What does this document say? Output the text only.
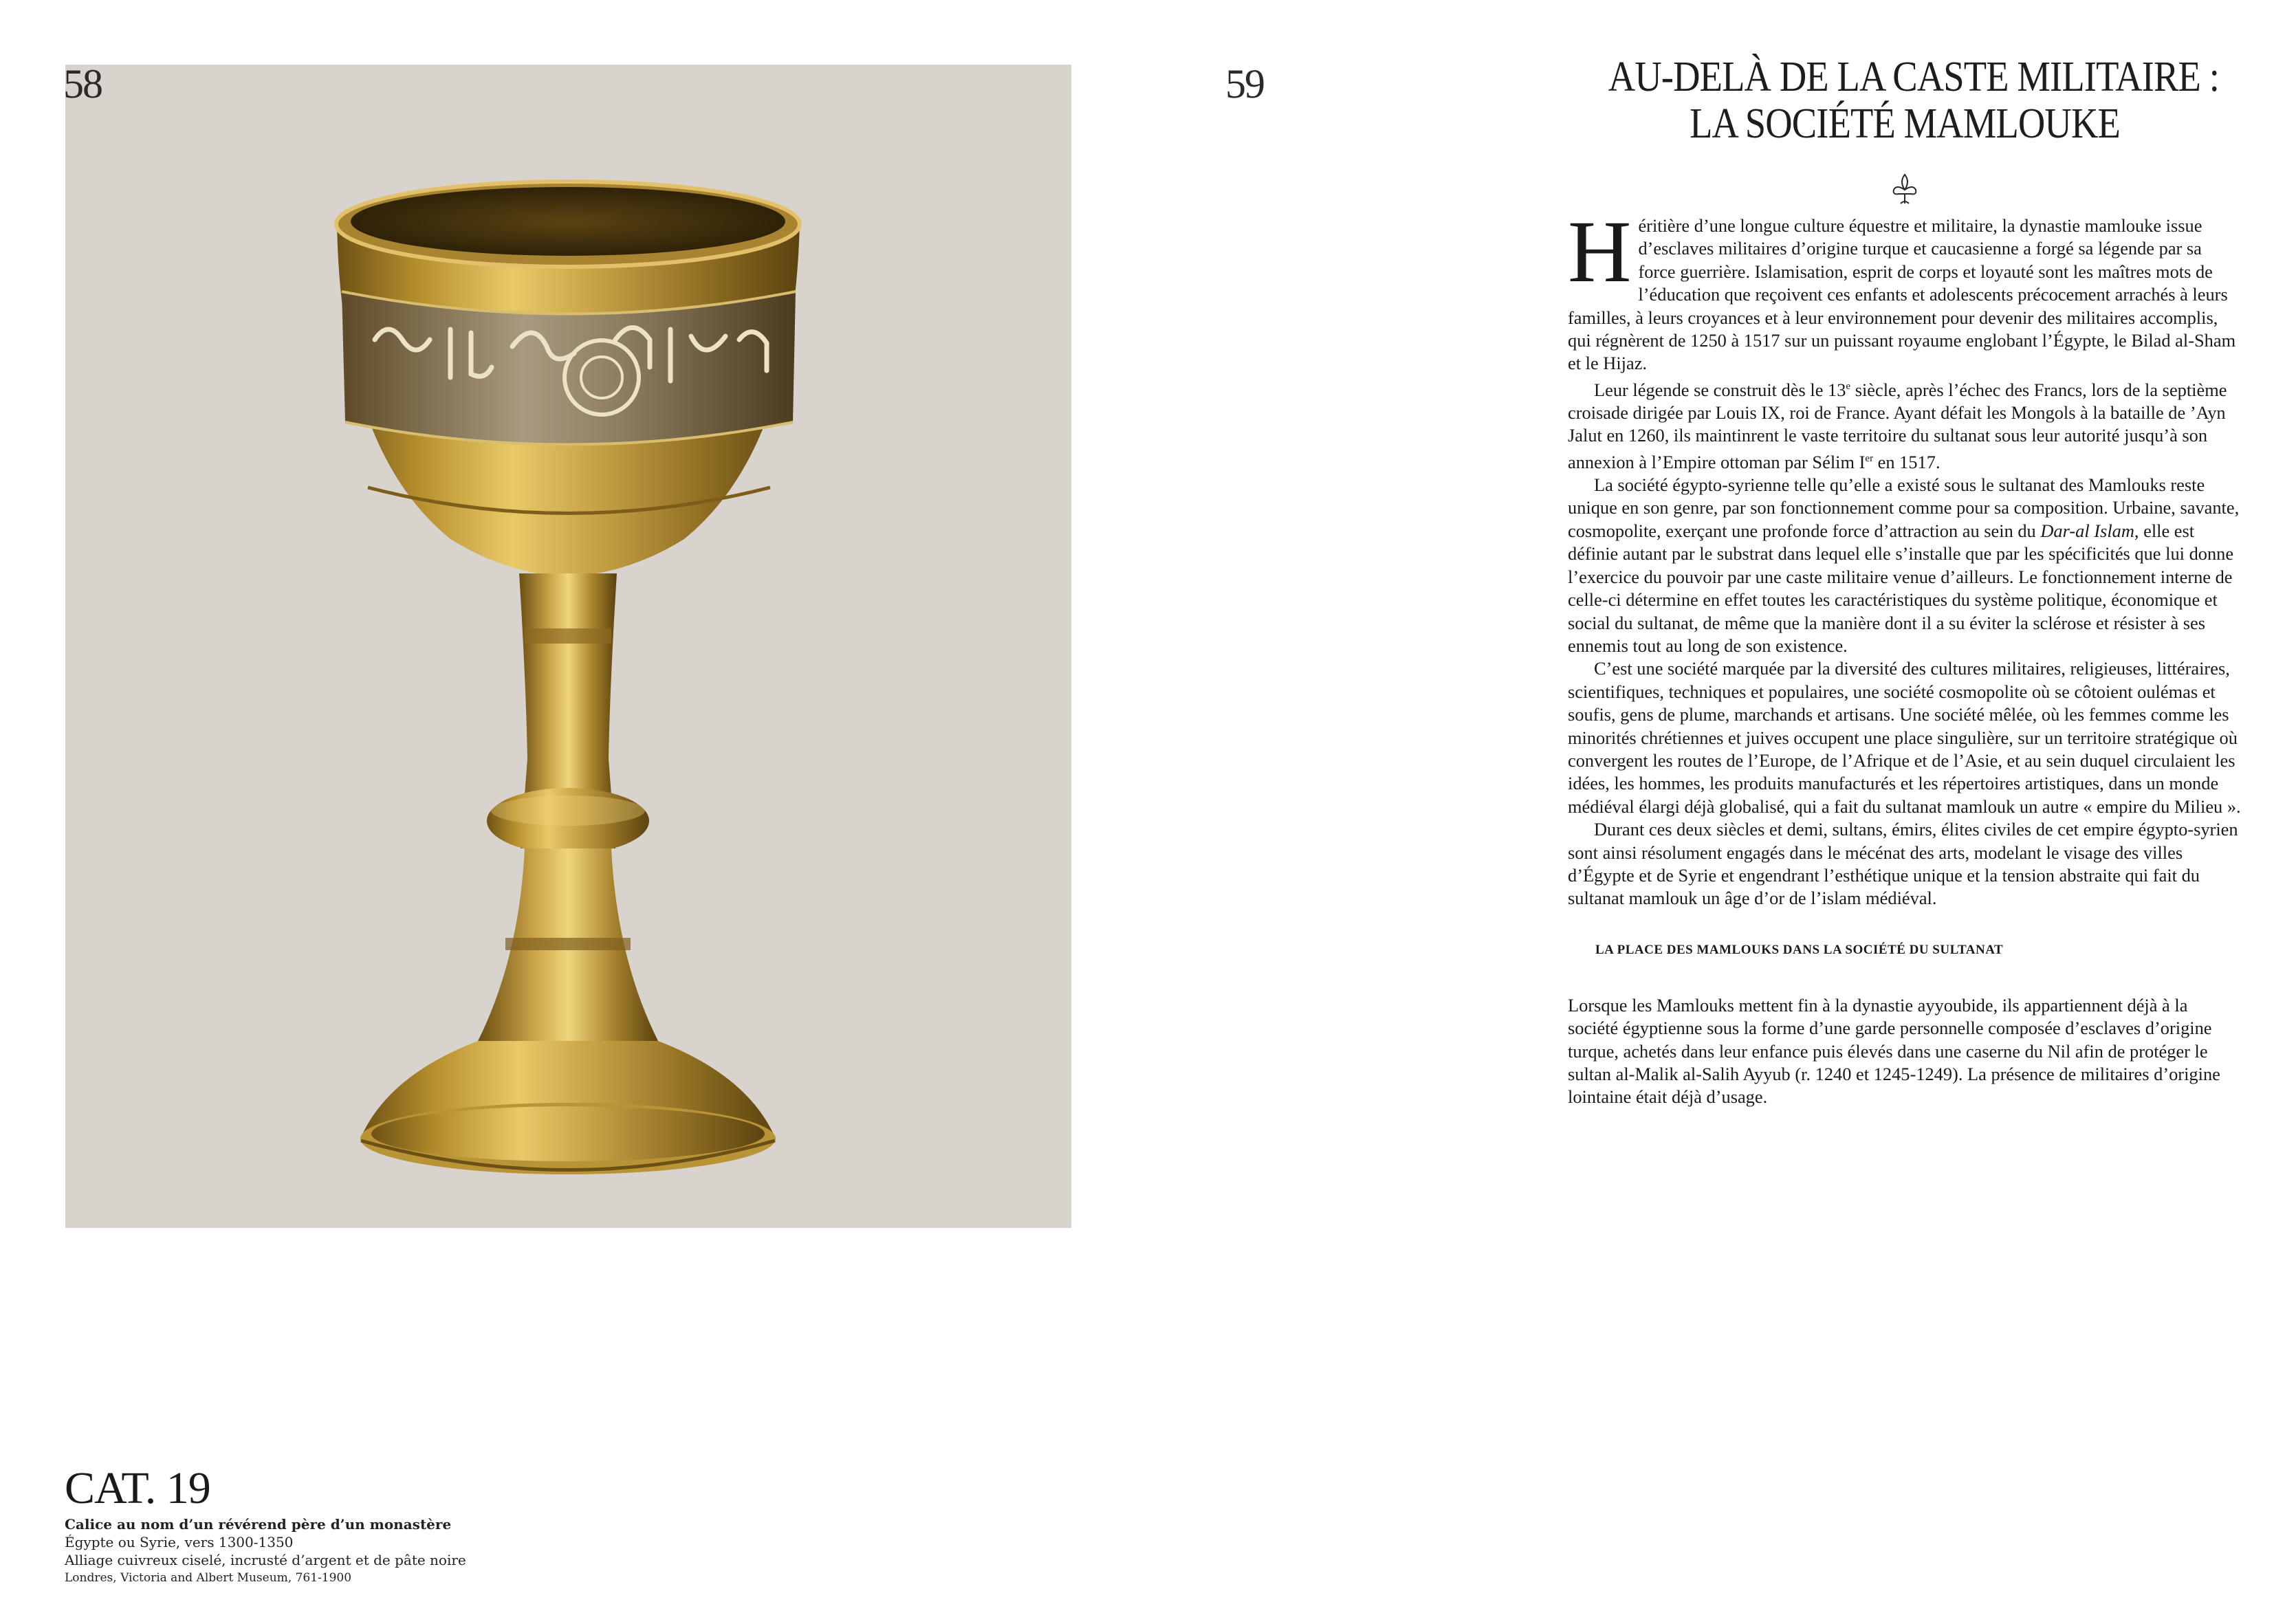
58
CAT. 19
Calice au nom d’un révérend père d’un monastère
Égypte ou Syrie, vers 1300-1350
Alliage cuivreux ciselé, incrusté d’argent et de pâte noire
Londres, Victoria and Albert Museum, 761-1900
59	AU-DELÀ DE LA CASTE MILITAIRE :
LA SOCIÉTÉ MAMLOUKE

Héritière d’une longue culture équestre et militaire, la dynastie mamlouke issue d’esclaves militaires d’origine turque et caucasienne a forgé sa légende par sa force guerrière. Islamisation, esprit de corps et loyauté sont les maîtres mots de l’éducation que reçoivent ces enfants et adolescents précocement arrachés à leurs familles, à leurs croyances et à leur environnement pour devenir des militaires accomplis, qui régnèrent de 1250 à 1517 sur un puissant royaume englobant l’Égypte, le Bilad al-Sham et le Hijaz.

Leur légende se construit dès le 13e siècle, après l’échec des Francs, lors de la septième croisade dirigée par Louis IX, roi de France. Ayant défait les Mongols à la bataille de ’Ayn Jalut en 1260, ils maintinrent le vaste territoire du sultanat sous leur autorité jusqu’à son annexion à l’Empire ottoman par Sélim Ier en 1517.

La société égypto-syrienne telle qu’elle a existé sous le sultanat des Mamlouks reste unique en son genre, par son fonctionnement comme pour sa composition. Urbaine, savante, cosmopolite, exerçant une profonde force d’attraction au sein du Dar-al Islam, elle est définie autant par le substrat dans lequel elle s’installe que par les spécificités que lui donne l’exercice du pouvoir par une caste militaire venue d’ailleurs. Le fonctionnement interne de celle-ci détermine en effet toutes les caractéristiques du système politique, économique et social du sultanat, de même que la manière dont il a su éviter la sclérose et résister à ses ennemis tout au long de son existence.

C’est une société marquée par la diversité des cultures militaires, religieuses, littéraires, scientifiques, techniques et populaires, une société cosmopolite où se côtoient oulémas et soufis, gens de plume, marchands et artisans. Une société mêlée, où les femmes comme les minorités chrétiennes et juives occupent une place singulière, sur un territoire stratégique où convergent les routes de l’Europe, de l’Afrique et de l’Asie, et au sein duquel circulaient les idées, les hommes, les produits manufacturés et les répertoires artistiques, dans un monde médiéval élargi déjà globalisé, qui a fait du sultanat mamlouk un autre « empire du Milieu ».

Durant ces deux siècles et demi, sultans, émirs, élites civiles de cet empire égypto-syrien sont ainsi résolument engagés dans le mécénat des arts, modelant le visage des villes d’Égypte et de Syrie et engendrant l’esthétique unique et la tension abstraite qui fait du sultanat mamlouk un âge d’or de l’islam médiéval.

LA PLACE DES MAMLOUKS DANS LA SOCIÉTÉ DU SULTANAT

Lorsque les Mamlouks mettent fin à la dynastie ayyoubide, ils appartiennent déjà à la société égyptienne sous la forme d’une garde personnelle composée d’esclaves d’origine turque, achetés dans leur enfance puis élevés dans une caserne du Nil afin de protéger le sultan al-Malik al-Salih Ayyub (r. 1240 et 1245-1249). La présence de militaires d’origine lointaine était déjà d’usage.
